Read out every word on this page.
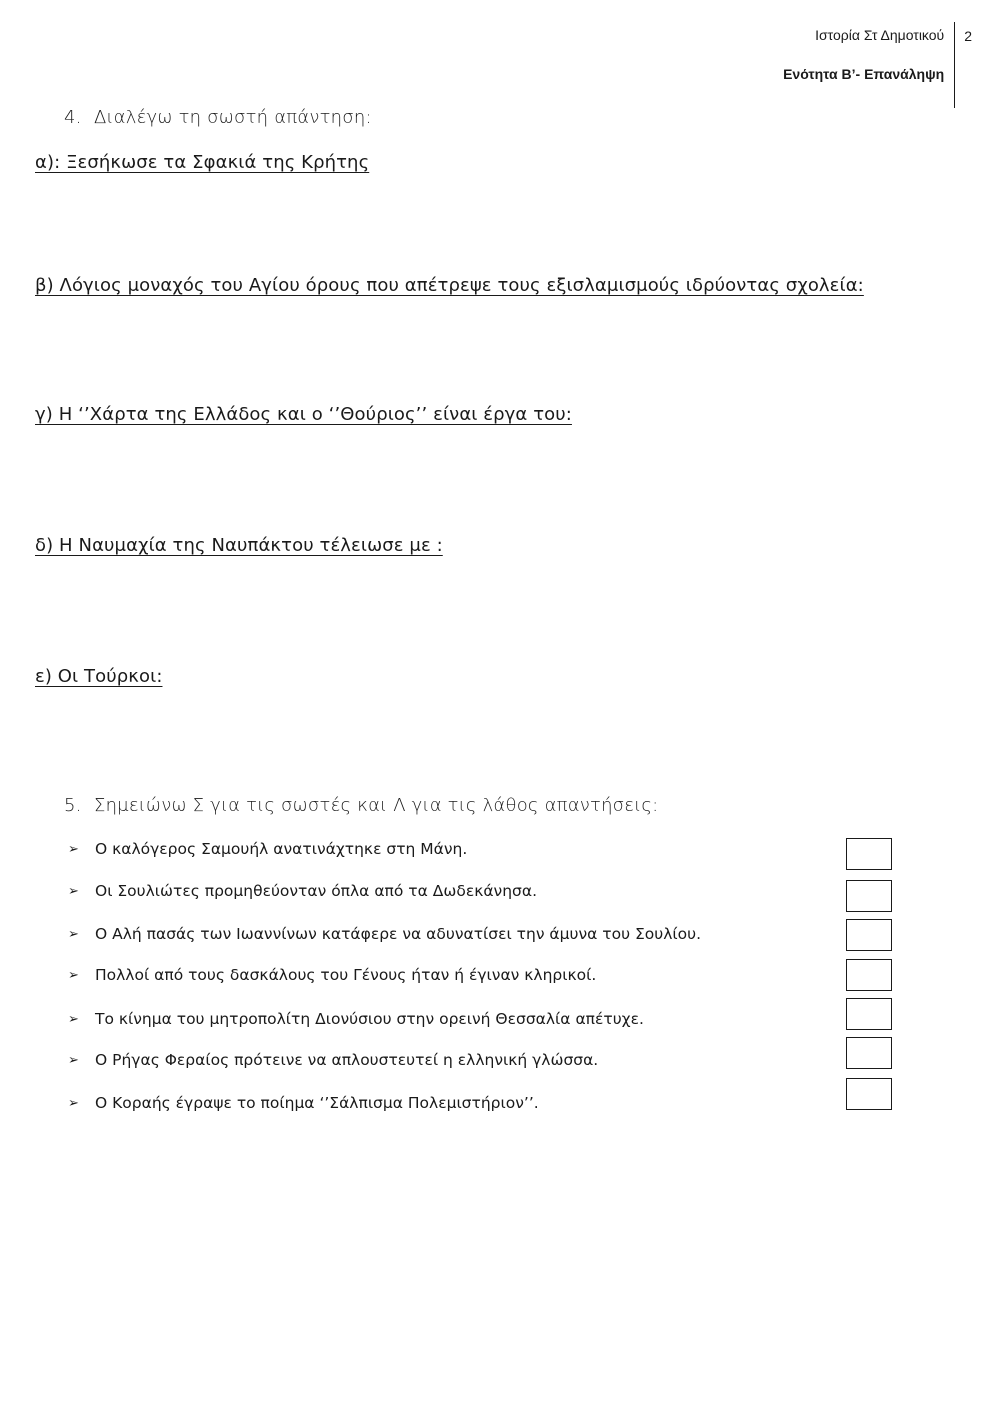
Ιστορία Στ Δημοτικού
Ενότητα Β’- Επανάληψη
2
4. Διαλέγω τη σωστή απάντηση:
α): Ξεσήκωσε τα Σφακιά της Κρήτης
β) Λόγιος μοναχός του Αγίου όρους που απέτρεψε τους εξισλαμισμούς ιδρύοντας σχολεία:
γ) Η ‘’Χάρτα της Ελλάδος και ο ‘’Θούριος’’ είναι έργα του:
δ) Η Ναυμαχία της Ναυπάκτου τέλειωσε με :
ε) Οι Τούρκοι:
5. Σημειώνω Σ για τις σωστές και Λ για τις λάθος απαντήσεις:
➢	Ο καλόγερος Σαμουήλ ανατινάχτηκε στη Μάνη.
➢	Οι Σουλιώτες προμηθεύονταν όπλα από τα Δωδεκάνησα.
➢	Ο Αλή πασάς των Ιωαννίνων κατάφερε να αδυνατίσει την άμυνα του Σουλίου.
➢	Πολλοί από τους δασκάλους του Γένους ήταν ή έγιναν κληρικοί.
➢	Το κίνημα του μητροπολίτη Διονύσιου στην ορεινή Θεσσαλία απέτυχε.
➢	Ο Ρήγας Φεραίος πρότεινε να απλουστευτεί η ελληνική γλώσσα.
➢	Ο Κοραής έγραψε το ποίημα ‘’Σάλπισμα Πολεμιστήριον’’.
